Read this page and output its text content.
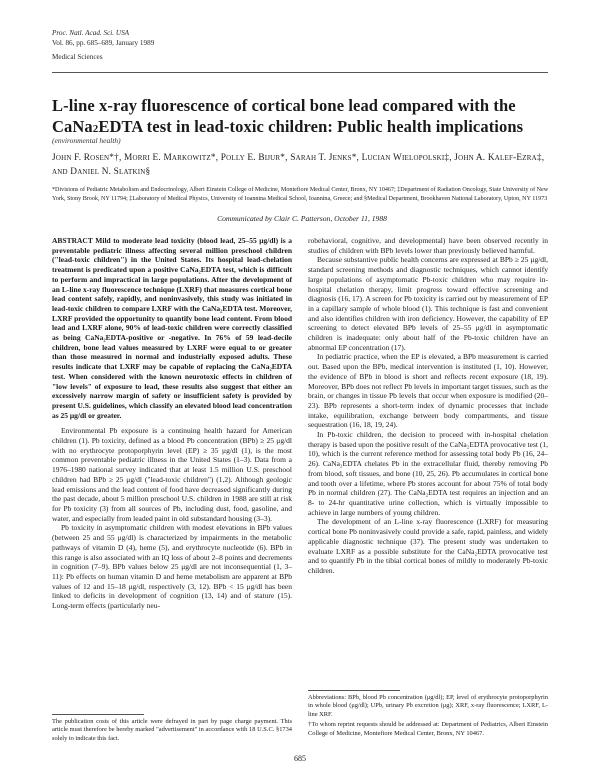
Proc. Natl. Acad. Sci. USA
Vol. 86, pp. 685–689, January 1989
Medical Sciences
L-line x-ray fluorescence of cortical bone lead compared with the
CaNa2EDTA test in lead-toxic children: Public health implications
(environmental health)
John F. Rosen*†, Morri E. Markowitz*, Polly E. Bijur*, Sarah T. Jenks*, Lucian Wielopolski‡, John A. Kalef-Ezra‡, and Daniel N. Slatkin§
*Divisions of Pediatric Metabolism and Endocrinology, Albert Einstein College of Medicine, Montefiore Medical Center, Bronx, NY 10467; ‡Department of Radiation Oncology, State University of New York, Stony Brook, NY 11794; ‡Laboratory of Medical Physics, University of Ioannina Medical School, Ioannina, Greece; and §Medical Department, Brookhaven National Laboratory, Upton, NY 11973
Communicated by Clair C. Patterson, October 11, 1988

ABSTRACT Mild to moderate lead toxicity (blood lead, 25–55 μg/dl) is a preventable pediatric illness affecting several million preschool children ("lead-toxic children") in the United States. Its hospital lead-chelation treatment is predicated upon a positive CaNa₂EDTA test, which is difficult to perform and impractical in large populations. After the development of an L-line x-ray fluorescence technique (LXRF) that measures cortical bone lead content safely, rapidly, and noninvasively, this study was initiated in lead-toxic children to compare LXRF with the CaNa₂EDTA test. Moreover, LXRF provided the opportunity to quantify bone lead content. From blood lead and LXRF alone, 90% of lead-toxic children were correctly classified as being CaNa₂EDTA-positive or -negative. In 76% of 59 lead-decile children, bone lead values measured by LXRF were equal to or greater than those measured in normal and industrially exposed adults. These results indicate that LXRF may be capable of replacing the CaNa₂EDTA test. When considered with the known neurotoxic effects in children of "low levels" of exposure to lead, these results also suggest that either an excessively narrow margin of safety or insufficient safety is provided by present U.S. guidelines, which classify an elevated blood lead concentration as 25 μg/dl or greater.

Environmental Pb exposure is a continuing health hazard for American children (1). Pb toxicity, defined as a blood Pb concentration (BPb) ≥ 25 μg/dl with no erythrocyte protoporphyrin level (EP) ≥ 35 μg/dl (1), is the most common preventable pediatric illness in the United States (1–3). Data from a 1976–1980 national survey indicated that at least 1.5 million U.S. preschool children had BPb ≥ 25 μg/dl ("lead-toxic children") (1,2). Although geologic lead emissions and the lead content of food have decreased significantly during the past decade, about 5 million preschool U.S. children in 1988 are still at risk for Pb toxicity (3) from all sources of Pb, including dust, food, gasoline, and water, and especially from leaded paint in old substandard housing (3–3).

Pb toxicity in asymptomatic children with modest elevations in BPb values (between 25 and 55 μg/dl) is characterized by impairments in the metabolic pathways of vitamin D (4), heme (5), and erythrocyte nucleotide (6). BPb in this range is also associated with an IQ loss of about 2–8 points and decrements in cognition (7–9). BPb values below 25 μg/dl are not inconsequential (1, 3–11): Pb effects on human vitamin D and heme metabolism are apparent at BPb values of 12 and 15–18 μg/dl, respectively (3, 12). BPb < 15 μg/dl has been linked to deficits in development of cognition (13, 14) and of stature (15). Long-term effects (particularly neu-

robehavioral, cognitive, and developmental) have been observed recently in studies of children with BPb levels lower than previously believed harmful.

Because substantive public health concerns are expressed at BPb ≥ 25 μg/dl, standard screening methods and diagnostic techniques, which cannot identify large populations of asymptomatic Pb-toxic children who may require in-hospital chelation therapy, limit progress toward effective screening and diagnosis (16, 17). A screen for Pb toxicity is carried out by measurement of EP in a capillary sample of whole blood (1). This technique is fast and convenient and also identifies children with iron deficiency. However, the capability of EP screening to detect elevated BPb levels of 25–55 μg/dl in asymptomatic children is inadequate: only about half of the Pb-toxic children have an abnormal EP concentration (17).

In pediatric practice, when the EP is elevated, a BPb measurement is carried out. Based upon the BPb, medical intervention is instituted (1, 10). However, the evidence of BPb in blood is short and reflects recent exposure (18, 19). Moreover, BPb does not reflect Pb levels in important target tissues, such as the brain, or changes in tissue Pb levels that occur when exposure is modified (20–23). BPb represents a short-term index of dynamic processes that include intake, equilibration, exchange between body compartments, and tissue sequestration (16, 18, 19, 24).

In Pb-toxic children, the decision to proceed with in-hospital chelation therapy is based upon the positive result of the CaNa₂EDTA provocative test (1, 10), which is the current reference method for assessing total body Pb (16, 24–26). CaNa₂EDTA chelates Pb in the extracellular fluid, thereby removing Pb from blood, soft tissues, and bone (10, 25, 26). Pb accumulates in cortical bone and tooth over a lifetime, where Pb stores account for about 75% of total body Pb in normal children (27). The CaNa₂EDTA test requires an injection and an 8- to 24-hr quantitative urine collection, which is virtually impossible to achieve in large numbers of young children.

The development of an L-line x-ray fluorescence (LXRF) for measuring cortical bone Pb noninvasively could provide a safe, rapid, painless, and widely applicable diagnostic technique (37). The present study was undertaken to evaluate LXRF as a possible substitute for the CaNa₂EDTA provocative test and to quantify Pb in the tibial cortical bones of mildly to moderately Pb-toxic children.

The publication costs of this article were defrayed in part by page charge payment. This article must therefore be hereby marked "advertisement" in accordance with 18 U.S.C. §1734 solely to indicate this fact.

Abbreviations: BPb, blood Pb concentration (μg/dl); EP, level of erythrocyte protoporphyrin in whole blood (μg/dl); UPb, urinary Pb excretion (μg); XRF, x-ray fluorescence; LXRF, L-line XRF.

†To whom reprint requests should be addressed at: Department of Pediatrics, Albert Einstein College of Medicine, Montefiore Medical Center, Bronx, NY 10467.

685
